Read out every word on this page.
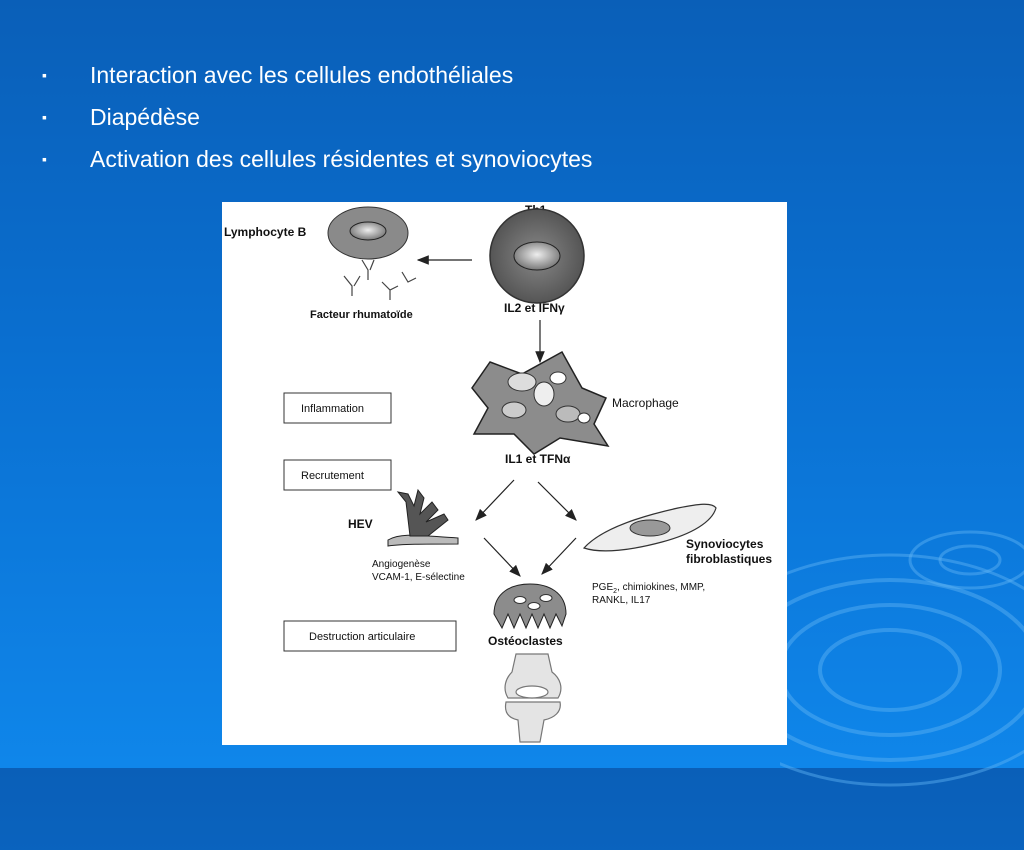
▪ Interaction avec les cellules endothéliales
▪ Diapédèse
▪ Activation des cellules résidentes et synoviocytes
IL2 et IFNγ
Lymphocyte B
Facteur rhumatoïde
Macrophage
IL1 et TFNα
Inflammation
Recrutement
Destruction articulaire
HEV
Angiogenèse
VCAM-1, E-sélectine
Synoviocytes
fibroblastiques
$PGE_2$, chimiokines, MMP,
RANKL, IL17
Ostéoclastes
